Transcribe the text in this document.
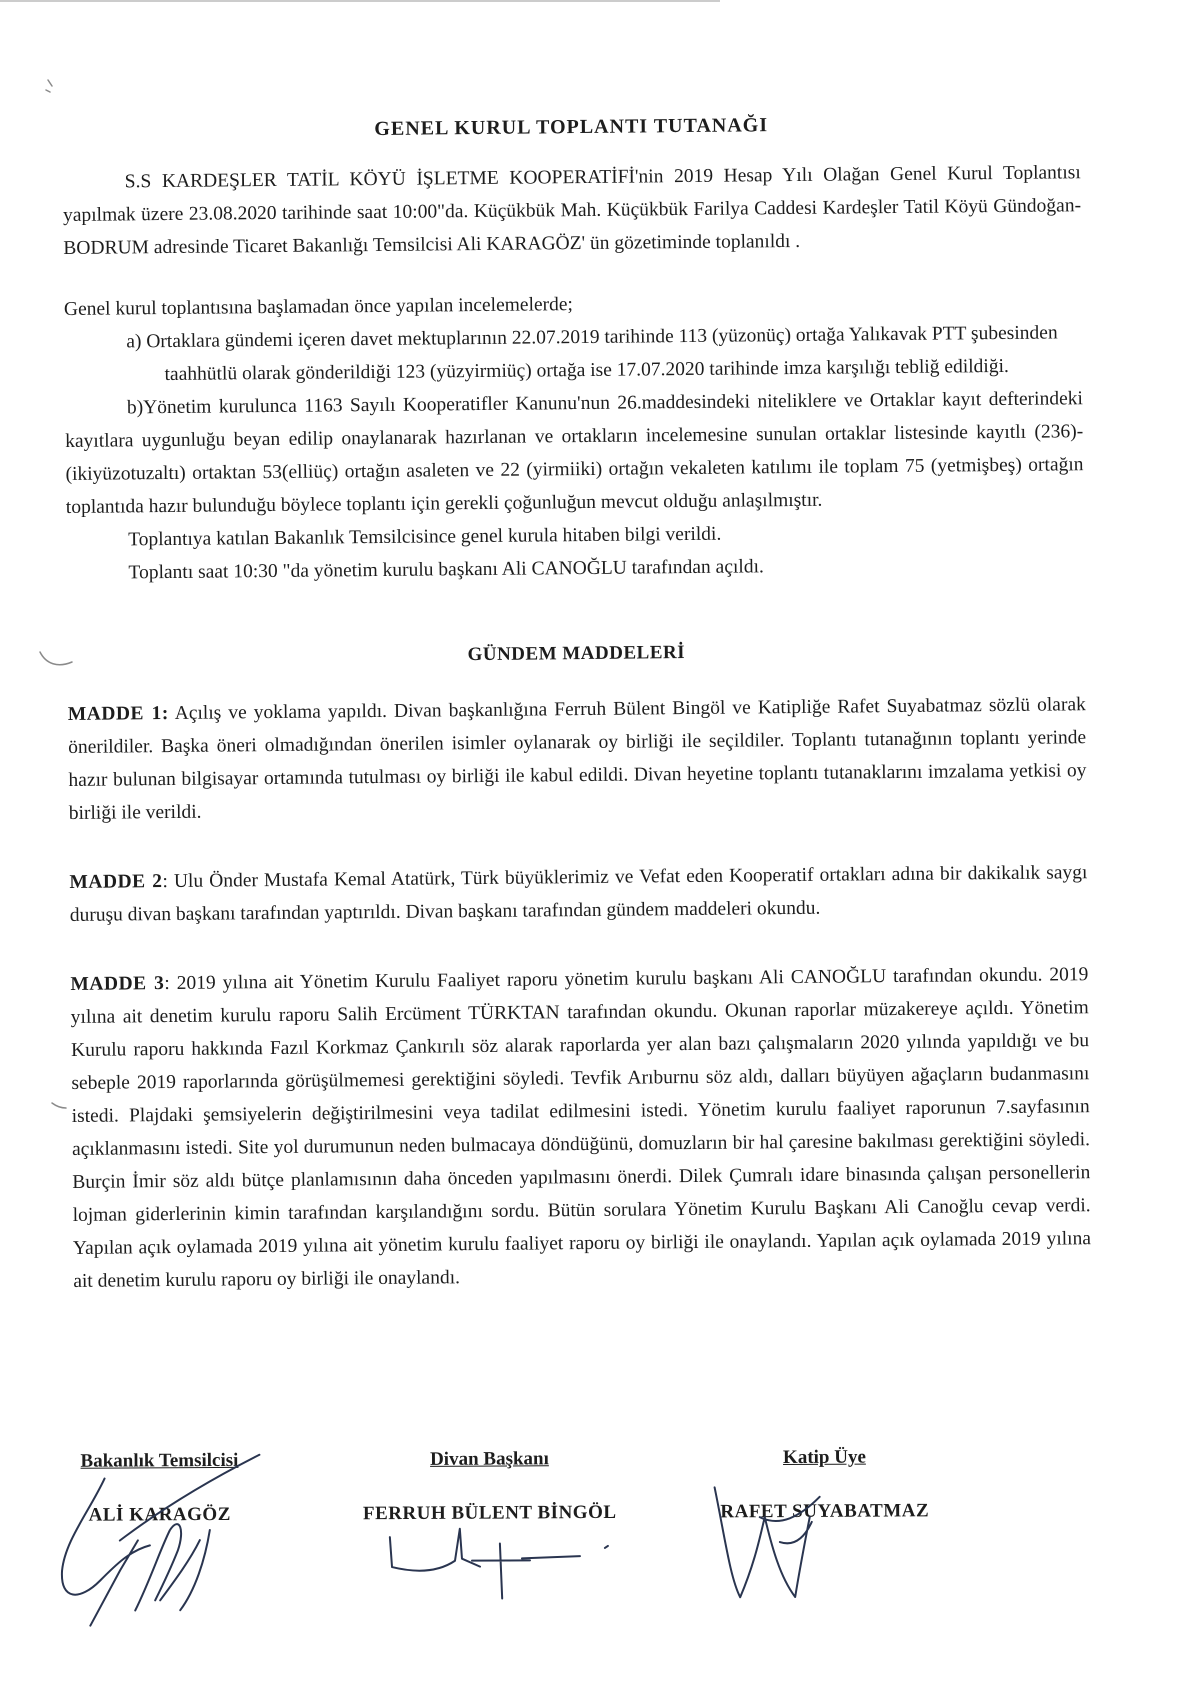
GENEL KURUL TOPLANTI TUTANAĞI

S.S KARDEŞLER TATİL KÖYÜ İŞLETME KOOPERATİFİ'nin 2019 Hesap Yılı Olağan Genel Kurul Toplantısı yapılmak üzere 23.08.2020 tarihinde saat 10:00"da. Küçükbük Mah. Küçükbük Farilya Caddesi Kardeşler Tatil Köyü Gündoğan- BODRUM adresinde Ticaret Bakanlığı Temsilcisi Ali KARAGÖZ' ün gözetiminde toplanıldı .

Genel kurul toplantısına başlamadan önce yapılan incelemelerde;

a) Ortaklara gündemi içeren davet mektuplarının 22.07.2019 tarihinde 113 (yüzonüç) ortağa Yalıkavak PTT şubesinden taahhütlü olarak gönderildiği 123 (yüzyirmiüç) ortağa ise 17.07.2020 tarihinde imza karşılığı tebliğ edildiği.

b)Yönetim kurulunca 1163 Sayılı Kooperatifler Kanunu'nun 26.maddesindeki niteliklere ve Ortaklar kayıt defterindeki kayıtlara uygunluğu beyan edilip onaylanarak hazırlanan ve ortakların incelemesine sunulan ortaklar listesinde kayıtlı (236)-(ikiyüzotuzaltı) ortaktan 53(elliüç) ortağın asaleten ve 22 (yirmiiki) ortağın vekaleten katılımı ile toplam 75 (yetmişbeş) ortağın toplantıda hazır bulunduğu böylece toplantı için gerekli çoğunluğun mevcut olduğu anlaşılmıştır.

Toplantıya katılan Bakanlık Temsilcisince genel kurula hitaben bilgi verildi.

Toplantı saat 10:30 "da yönetim kurulu başkanı Ali CANOĞLU tarafından açıldı.

GÜNDEM MADDELERİ

MADDE 1: Açılış ve yoklama yapıldı. Divan başkanlığına Ferruh Bülent Bingöl ve Katipliğe Rafet Suyabatmaz sözlü olarak önerildiler. Başka öneri olmadığından önerilen isimler oylanarak oy birliği ile seçildiler. Toplantı tutanağının toplantı yerinde hazır bulunan bilgisayar ortamında tutulması oy birliği ile kabul edildi. Divan heyetine toplantı tutanaklarını imzalama yetkisi oy birliği ile verildi.

MADDE 2: Ulu Önder Mustafa Kemal Atatürk, Türk büyüklerimiz ve Vefat eden Kooperatif ortakları adına bir dakikalık saygı duruşu divan başkanı tarafından yaptırıldı. Divan başkanı tarafından gündem maddeleri okundu.

MADDE 3: 2019 yılına ait Yönetim Kurulu Faaliyet raporu yönetim kurulu başkanı Ali CANOĞLU tarafından okundu. 2019 yılına ait denetim kurulu raporu Salih Ercüment TÜRKTAN tarafından okundu. Okunan raporlar müzakereye açıldı. Yönetim Kurulu raporu hakkında Fazıl Korkmaz Çankırılı söz alarak raporlarda yer alan bazı çalışmaların 2020 yılında yapıldığı ve bu sebeple 2019 raporlarında görüşülmemesi gerektiğini söyledi. Tevfik Arıburnu söz aldı, dalları büyüyen ağaçların budanmasını istedi. Plajdaki şemsiyelerin değiştirilmesini veya tadilat edilmesini istedi. Yönetim kurulu faaliyet raporunun 7.sayfasının açıklanmasını istedi. Site yol durumunun neden bulmacaya döndüğünü, domuzların bir hal çaresine bakılması gerektiğini söyledi. Burçin İmir söz aldı bütçe planlamısının daha önceden yapılmasını önerdi. Dilek Çumralı idare binasında çalışan personellerin lojman giderlerinin kimin tarafından karşılandığını sordu. Bütün sorulara Yönetim Kurulu Başkanı Ali Canoğlu cevap verdi. Yapılan açık oylamada 2019 yılına ait yönetim kurulu faaliyet raporu oy birliği ile onaylandı. Yapılan açık oylamada 2019 yılına ait denetim kurulu raporu oy birliği ile onaylandı.

Bakanlık Temsilcisi
ALİ KARAGÖZ
Divan Başkanı
FERRUH BÜLENT BİNGÖL
Katip Üye
RAFET SUYABATMAZ
